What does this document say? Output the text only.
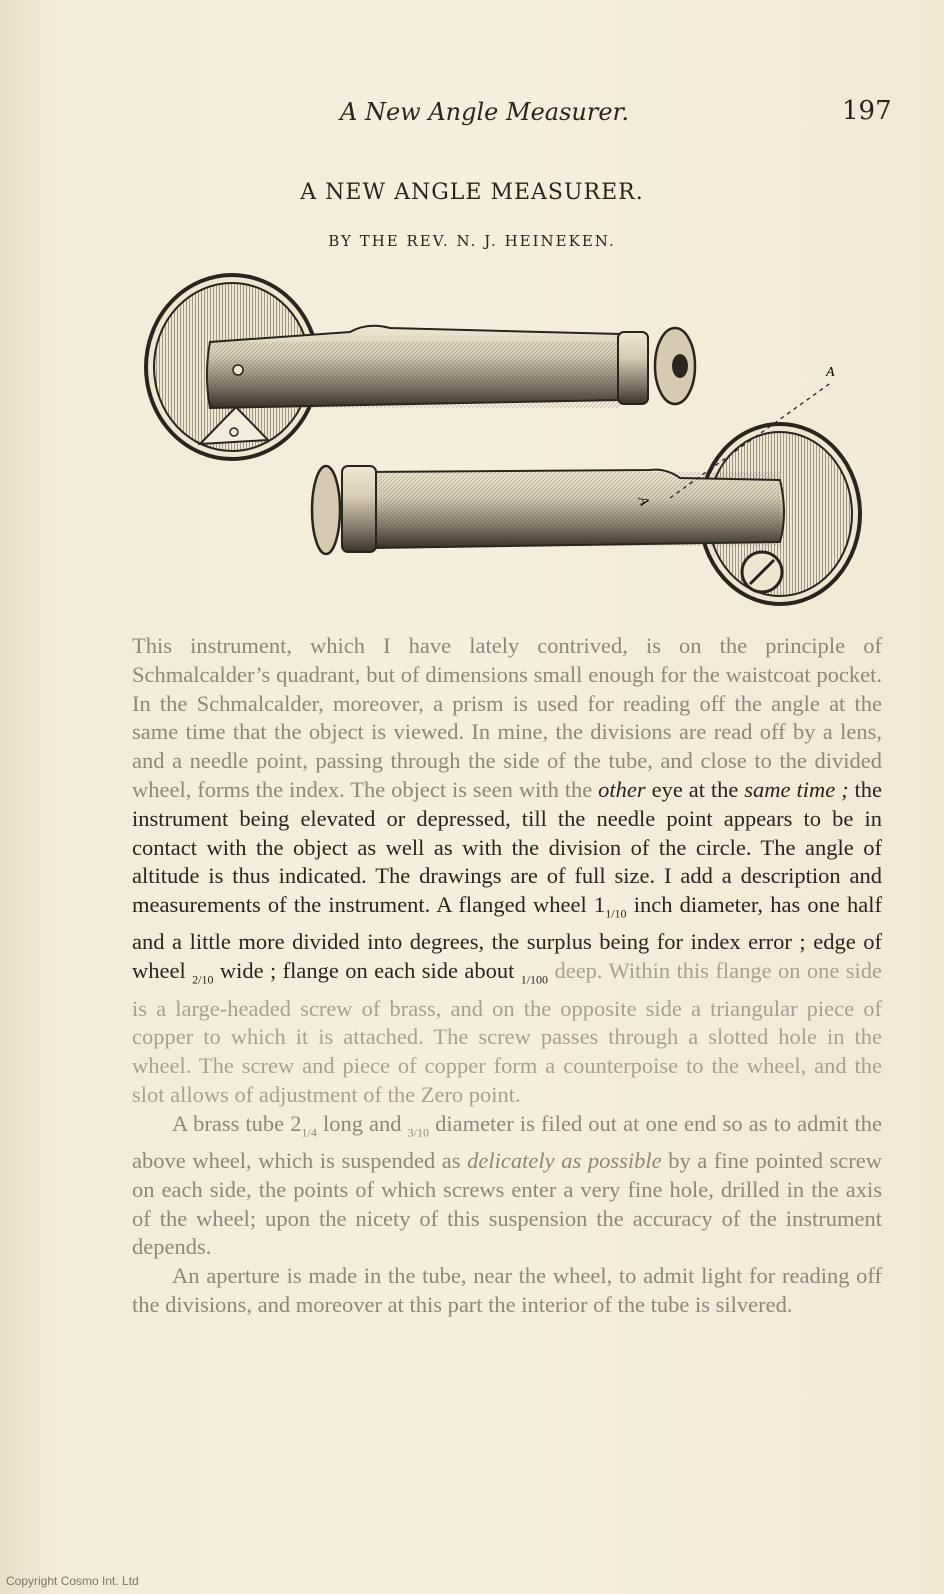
A New Angle Measurer.	197
A NEW ANGLE MEASURER.
BY THE REV. N. J. HEINEKEN.
A
A

This instrument, which I have lately contrived, is on the principle of Schmalcalder’s quadrant, but of dimensions small enough for the waistcoat pocket. In the Schmalcalder, moreover, a prism is used for reading off the angle at the same time that the object is viewed. In mine, the divisions are read off by a lens, and a needle point, passing through the side of the tube, and close to the divided wheel, forms the index. The object is seen with the other eye at the same time ; the instrument being elevated or depressed, till the needle point appears to be in contact with the object as well as with the division of the circle. The angle of altitude is thus indicated. The drawings are of full size. I add a description and measurements of the instrument. A flanged wheel $1_{1/10}$ inch diameter, has one half and a little more divided into degrees, the surplus being for index error ; edge of wheel $_{2/10}$ wide ; flange on each side about $_{1/100}$ deep. Within this flange on one side is a large-headed screw of brass, and on the opposite side a triangular piece of copper to which it is attached. The screw passes through a slotted hole in the wheel. The screw and piece of copper form a counterpoise to the wheel, and the slot allows of adjustment of the Zero point.

A brass tube $2_{1/4}$ long and $_{3/10}$ diameter is filed out at one end so as to admit the above wheel, which is suspended as delicately as possible by a fine pointed screw on each side, the points of which screws enter a very fine hole, drilled in the axis of the wheel; upon the nicety of this suspension the accuracy of the instrument depends.

An aperture is made in the tube, near the wheel, to admit light for reading off the divisions, and moreover at this part the interior of the tube is silvered.

Copyright Cosmo Int. Ltd
